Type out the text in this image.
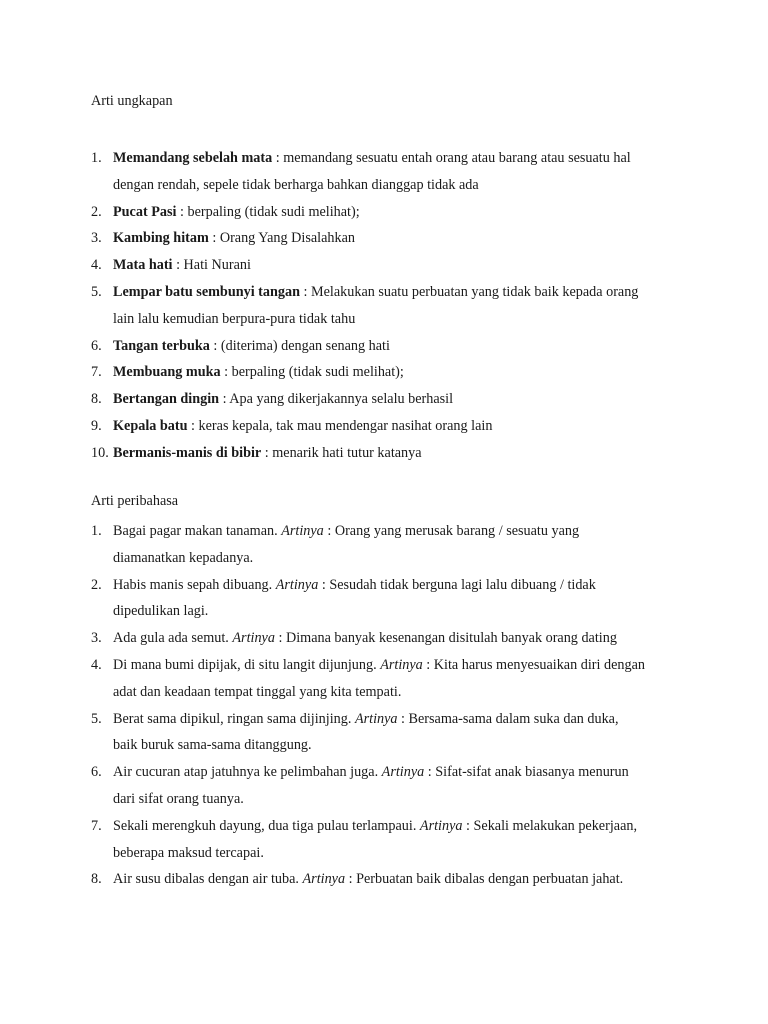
Arti ungkapan
1. Memandang sebelah mata : memandang sesuatu entah orang atau barang atau sesuatu hal
dengan rendah, sepele tidak berharga bahkan dianggap tidak ada
2. Pucat Pasi : berpaling (tidak sudi melihat);
3. Kambing hitam : Orang Yang Disalahkan
4. Mata hati : Hati Nurani
5. Lempar batu sembunyi tangan : Melakukan suatu perbuatan yang tidak baik kepada orang
lain lalu kemudian berpura-pura tidak tahu
6. Tangan terbuka : (diterima) dengan senang hati
7. Membuang muka : berpaling (tidak sudi melihat);
8. Bertangan dingin : Apa yang dikerjakannya selalu berhasil
9. Kepala batu : keras kepala, tak mau mendengar nasihat orang lain
10. Bermanis-manis di bibir : menarik hati tutur katanya
Arti peribahasa
1. Bagai pagar makan tanaman. Artinya : Orang yang merusak barang / sesuatu yang
diamanatkan kepadanya.
2. Habis manis sepah dibuang. Artinya : Sesudah tidak berguna lagi lalu dibuang / tidak
dipedulikan lagi.
3. Ada gula ada semut. Artinya : Dimana banyak kesenangan disitulah banyak orang dating
4. Di mana bumi dipijak, di situ langit dijunjung. Artinya : Kita harus menyesuaikan diri dengan
adat dan keadaan tempat tinggal yang kita tempati.
5. Berat sama dipikul, ringan sama dijinjing. Artinya : Bersama-sama dalam suka dan duka,
baik buruk sama-sama ditanggung.
6. Air cucuran atap jatuhnya ke pelimbahan juga. Artinya : Sifat-sifat anak biasanya menurun
dari sifat orang tuanya.
7. Sekali merengkuh dayung, dua tiga pulau terlampaui. Artinya : Sekali melakukan pekerjaan,
beberapa maksud tercapai.
8. Air susu dibalas dengan air tuba. Artinya : Perbuatan baik dibalas dengan perbuatan jahat.
